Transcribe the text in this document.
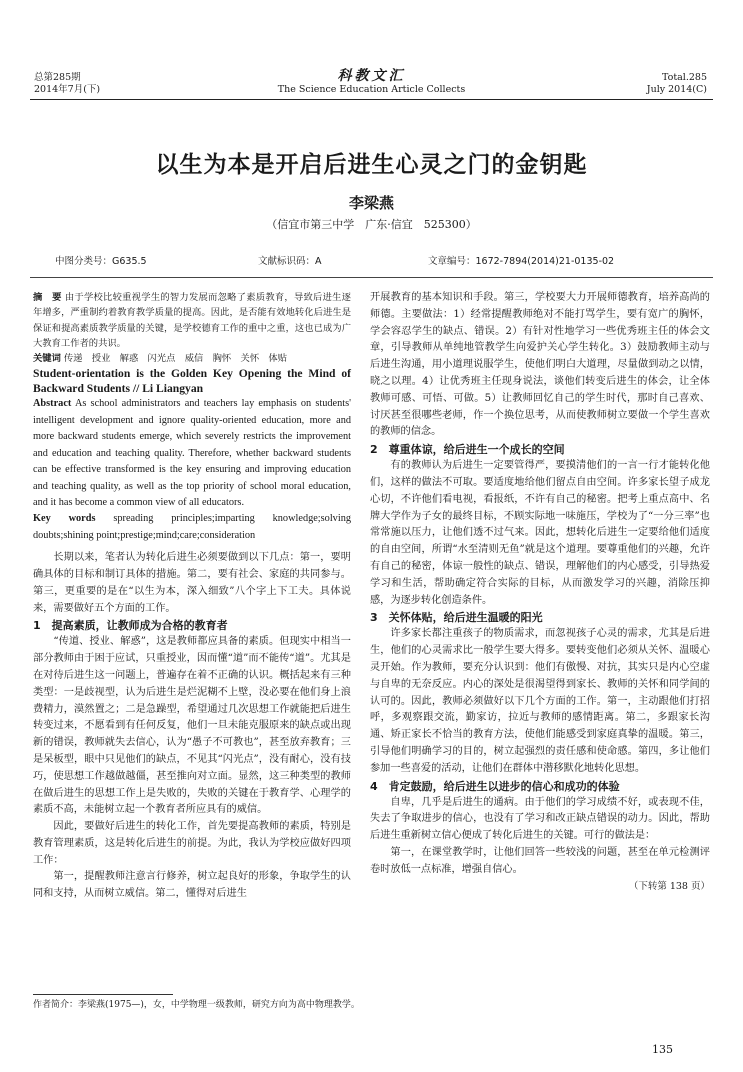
总第285期
2014年7月(下)
科教文汇
The Science Education Article Collects
Total.285
July 2014(C)
以生为本是开启后进生心灵之门的金钥匙
李梁燕
（信宜市第三中学　广东·信宜　525300）
中图分类号：G635.5	文献标识码：A	文章编号：1672-7894(2014)21-0135-02

摘　要 由于学校比较重视学生的智力发展而忽略了素质教育，导致后进生逐年增多，严重制约着教育教学质量的提高。因此，是否能有效地转化后进生是保证和提高素质教学质量的关键，是学校德育工作的重中之重，这也已成为广大教育工作者的共识。

关键词 传递　授业　解惑　闪光点　威信　胸怀　关怀　体贴

Student-orientation is the Golden Key Opening the Mind of Backward Students // Li Liangyan

Abstract As school administrators and teachers lay emphasis on students' intelligent development and ignore quality-oriented education, more and more backward students emerge, which severely restricts the improvement and education and teaching quality. Therefore, whether backward students can be effective transformed is the key ensuring and improving education and teaching quality, as well as the top priority of school moral education, and it has become a common view of all educators.

Key words spreading principles;imparting knowledge;solving doubts;shining point;prestige;mind;care;consideration

长期以来，笔者认为转化后进生必须要做到以下几点：第一，要明确具体的目标和制订具体的措施。第二，要有社会、家庭的共同参与。第三，更重要的是在“以生为本，深入细致”八个字上下工夫。具体说来，需要做好五个方面的工作。

1　提高素质，让教师成为合格的教育者

“传道、授业、解惑”，这是教师都应具备的素质。但现实中相当一部分教师由于困于应试，只重授业，因而懂“道”而不能传“道”。尤其是在对待后进生这一问题上，普遍存在着不正确的认识。概括起来有三种类型：一是歧视型，认为后进生是烂泥糊不上壁，没必要在他们身上浪费精力，漠然置之；二是急躁型，希望通过几次思想工作就能把后进生转变过来，不愿看到有任何反复，他们一旦未能克服原来的缺点或出现新的错误，教师就失去信心，认为“愚子不可教也”，甚至放弃教育；三是呆板型，眼中只见他们的缺点，不见其“闪光点”，没有耐心，没有技巧，使思想工作越做越僵，甚至推向对立面。显然，这三种类型的教师在做后进生的思想工作上是失败的，失败的关键在于教育学、心理学的素质不高，未能树立起一个教育者所应具有的威信。

因此，要做好后进生的转化工作，首先要提高教师的素质，特别是教育管理素质，这是转化后进生的前提。为此，我认为学校应做好四项工作：

第一，提醒教师注意言行修养，树立起良好的形象，争取学生的认同和支持，从而树立威信。第二，懂得对后进生

开展教育的基本知识和手段。第三，学校要大力开展师德教育，培养高尚的师德。主要做法：1）经常提醒教师绝对不能打骂学生，要有宽广的胸怀，学会容忍学生的缺点、错误。2）有针对性地学习一些优秀班主任的体会文章，引导教师从单纯地管教学生向爱护关心学生转化。3）鼓励教师主动与后进生沟通，用小道理说服学生，使他们明白大道理，尽量做到动之以情，晓之以理。4）让优秀班主任现身说法，谈他们转变后进生的体会，让全体教师可感、可悟、可做。5）让教师回忆自己的学生时代，那时自己喜欢、讨厌甚至很哪些老师，作一个换位思考，从而使教师树立要做一个学生喜欢的教师的信念。

2　尊重体谅，给后进生一个成长的空间

有的教师认为后进生一定要管得严，要摸清他们的一言一行才能转化他们，这样的做法不可取。要适度地给他们留点自由空间。许多家长望子成龙心切，不许他们看电视，看报纸，不许有自己的秘密。把考上重点高中、名牌大学作为子女的最终目标，不顾实际地一味施压，学校为了“一分三率”也常常施以压力，让他们透不过气来。因此，想转化后进生一定要给他们适度的自由空间，所谓“水至清则无鱼”就是这个道理。要尊重他们的兴趣，允许有自己的秘密，体谅一般性的缺点、错误，理解他们的内心感受，引导热爱学习和生活，帮助确定符合实际的目标，从而激发学习的兴趣，消除压抑感，为逐步转化创造条件。

3　关怀体贴，给后进生温暖的阳光

许多家长都注重孩子的物质需求，而忽视孩子心灵的需求，尤其是后进生，他们的心灵需求比一般学生要大得多。要转变他们必须从关怀、温暖心灵开始。作为教师，要充分认识到：他们有傲慢、对抗，其实只是内心空虚与自卑的无奈反应。内心的深处是很渴望得到家长、教师的关怀和同学间的认可的。因此，教师必须做好以下几个方面的工作。第一，主动跟他们打招呼，多观察跟交流，勤家访，拉近与教师的感情距离。第二，多跟家长沟通、矫正家长不恰当的教育方法，使他们能感受到家庭真挚的温暖。第三，引导他们明确学习的目的，树立起强烈的责任感和使命感。第四，多让他们参加一些喜爱的活动，让他们在群体中潜移默化地转化思想。

4　肯定鼓励，给后进生以进步的信心和成功的体验

自卑，几乎是后进生的通病。由于他们的学习成绩不好，或表现不佳，失去了争取进步的信心，也没有了学习和改正缺点错误的动力。因此，帮助后进生重新树立信心便成了转化后进生的关键。可行的做法是：

第一，在课堂教学时，让他们回答一些较浅的问题，甚至在单元检测评卷时放低一点标准，增强自信心。

（下转第 138 页）

作者简介：李梁燕(1975—)，女，中学物理一级教师，研究方向为高中物理教学。
135
